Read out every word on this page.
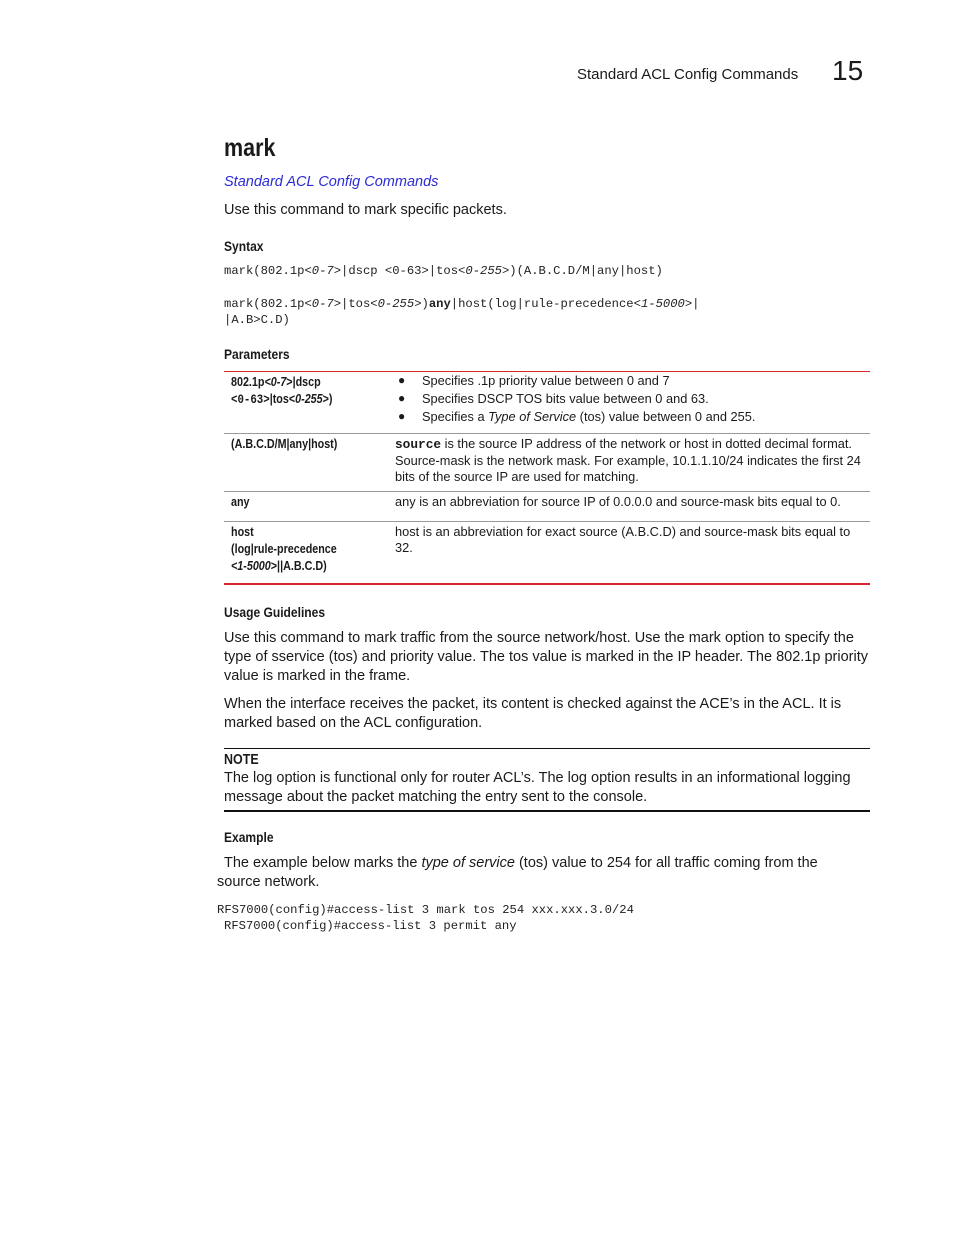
Standard ACL Config Commands 15
mark
Standard ACL Config Commands
Use this command to mark specific packets.
Syntax
mark(802.1p<0-7>|dscp <0-63>|tos<0-255>)(A.B.C.D/M|any|host)
mark(802.1p<0-7>|tos<0-255>)any|host(log|rule-precedence<1-5000>|
|A.B>C.D)
Parameters
802.1p<0-7>|dscp
<0-63>|tos<0-255>)
● Specifies .1p priority value between 0 and 7
● Specifies DSCP TOS bits value between 0 and 63.
● Specifies a Type of Service (tos) value between 0 and 255.
(A.B.C.D/M|any|host)	source is the source IP address of the network or host in dotted decimal format.
Source-mask is the network mask. For example, 10.1.1.10/24 indicates the first 24
bits of the source IP are used for matching.
any	any is an abbreviation for source IP of 0.0.0.0 and source-mask bits equal to 0.
host
(log|rule-precedence
<1-5000>||A.B.C.D)
host is an abbreviation for exact source (A.B.C.D) and source-mask bits equal to 32.
Usage Guidelines
Use this command to mark traffic from the source network/host. Use the mark option to specify the type of sservice (tos) and priority value. The tos value is marked in the IP header. The 802.1p priority value is marked in the frame.
When the interface receives the packet, its content is checked against the ACE’s in the ACL. It is marked based on the ACL configuration.
NOTE
The log option is functional only for router ACL’s. The log option results in an informational logging message about the packet matching the entry sent to the console.
Example
The example below marks the type of service (tos) value to 254 for all traffic coming from the source network.
RFS7000(config)#access-list 3 mark tos 254 xxx.xxx.3.0/24
RFS7000(config)#access-list 3 permit any
